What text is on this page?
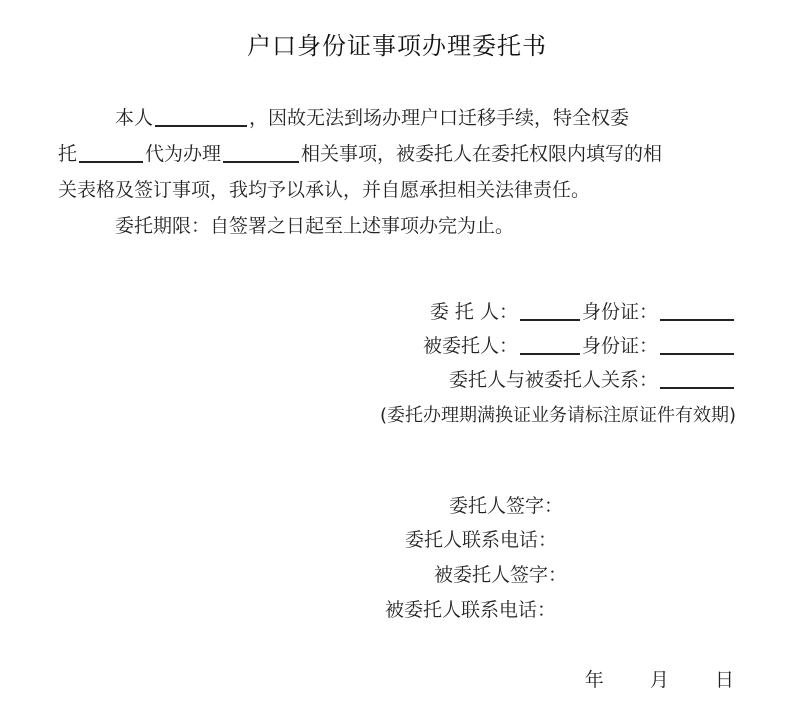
户口身份证事项办理委托书
本人	，因故无法到场办理户口迁移手续，特全权委
托	代为办理	相关事项，被委托人在委托权限内填写的相
关表格及签订事项，我均予以承认，并自愿承担相关法律责任。
委托期限：自签署之日起至上述事项办完为止。
委 托 人：	身份证：
被委托人：	身份证：
委托人与被委托人关系：
(委托办理期满换证业务请标注原证件有效期)
委托人签字：
委托人联系电话：
被委托人签字：
被委托人联系电话：
年 月 日
